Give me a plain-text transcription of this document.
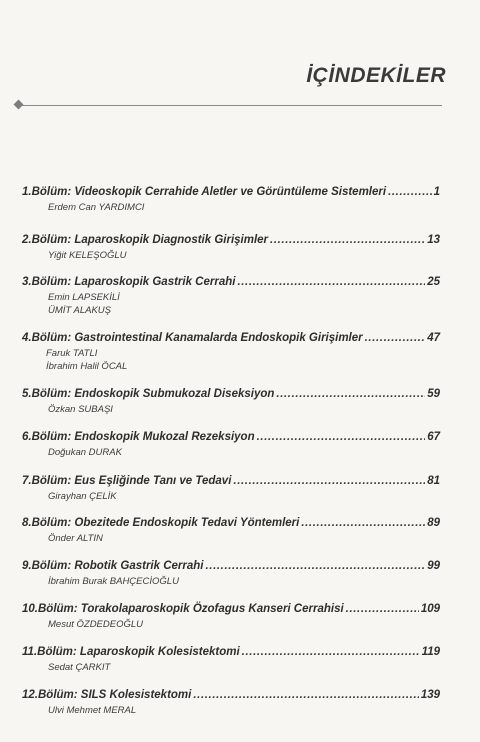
İÇİNDEKİLER
1.Bölüm: Videoskopik Cerrahide Aletler ve Görüntüleme Sistemleri .....	1
Erdem Can YARDIMCI
2.Bölüm: Laparoskopik Diagnostik Girişimler .....	13
Yiğit KELEŞOĞLU
3.Bölüm: Laparoskopik Gastrik Cerrahi .....	25
Emin LAPSEKİLİ
ÜMİT ALAKUŞ
4.Bölüm: Gastrointestinal Kanamalarda Endoskopik Girişimler .....	47
Faruk TATLI
İbrahim Halil ÖCAL
5.Bölüm: Endoskopik Submukozal Diseksiyon .....	59
Özkan SUBAŞI
6.Bölüm: Endoskopik Mukozal Rezeksiyon .....	67
Doğukan DURAK
7.Bölüm: Eus Eşliğinde Tanı ve Tedavi .....	81
Girayhan ÇELİK
8.Bölüm: Obezitede Endoskopik Tedavi Yöntemleri .....	89
Önder ALTIN
9.Bölüm: Robotik Gastrik Cerrahi .....	99
İbrahim Burak BAHÇECİOĞLU
10.Bölüm: Torakolaparoskopik Özofagus Kanseri Cerrahisi .....	109
Mesut ÖZDEDEOĞLU
11.Bölüm: Laparoskopik Kolesistektomi .....	119
Sedat ÇARKIT
12.Bölüm: SILS Kolesistektomi .....	139
Ulvi Mehmet MERAL
